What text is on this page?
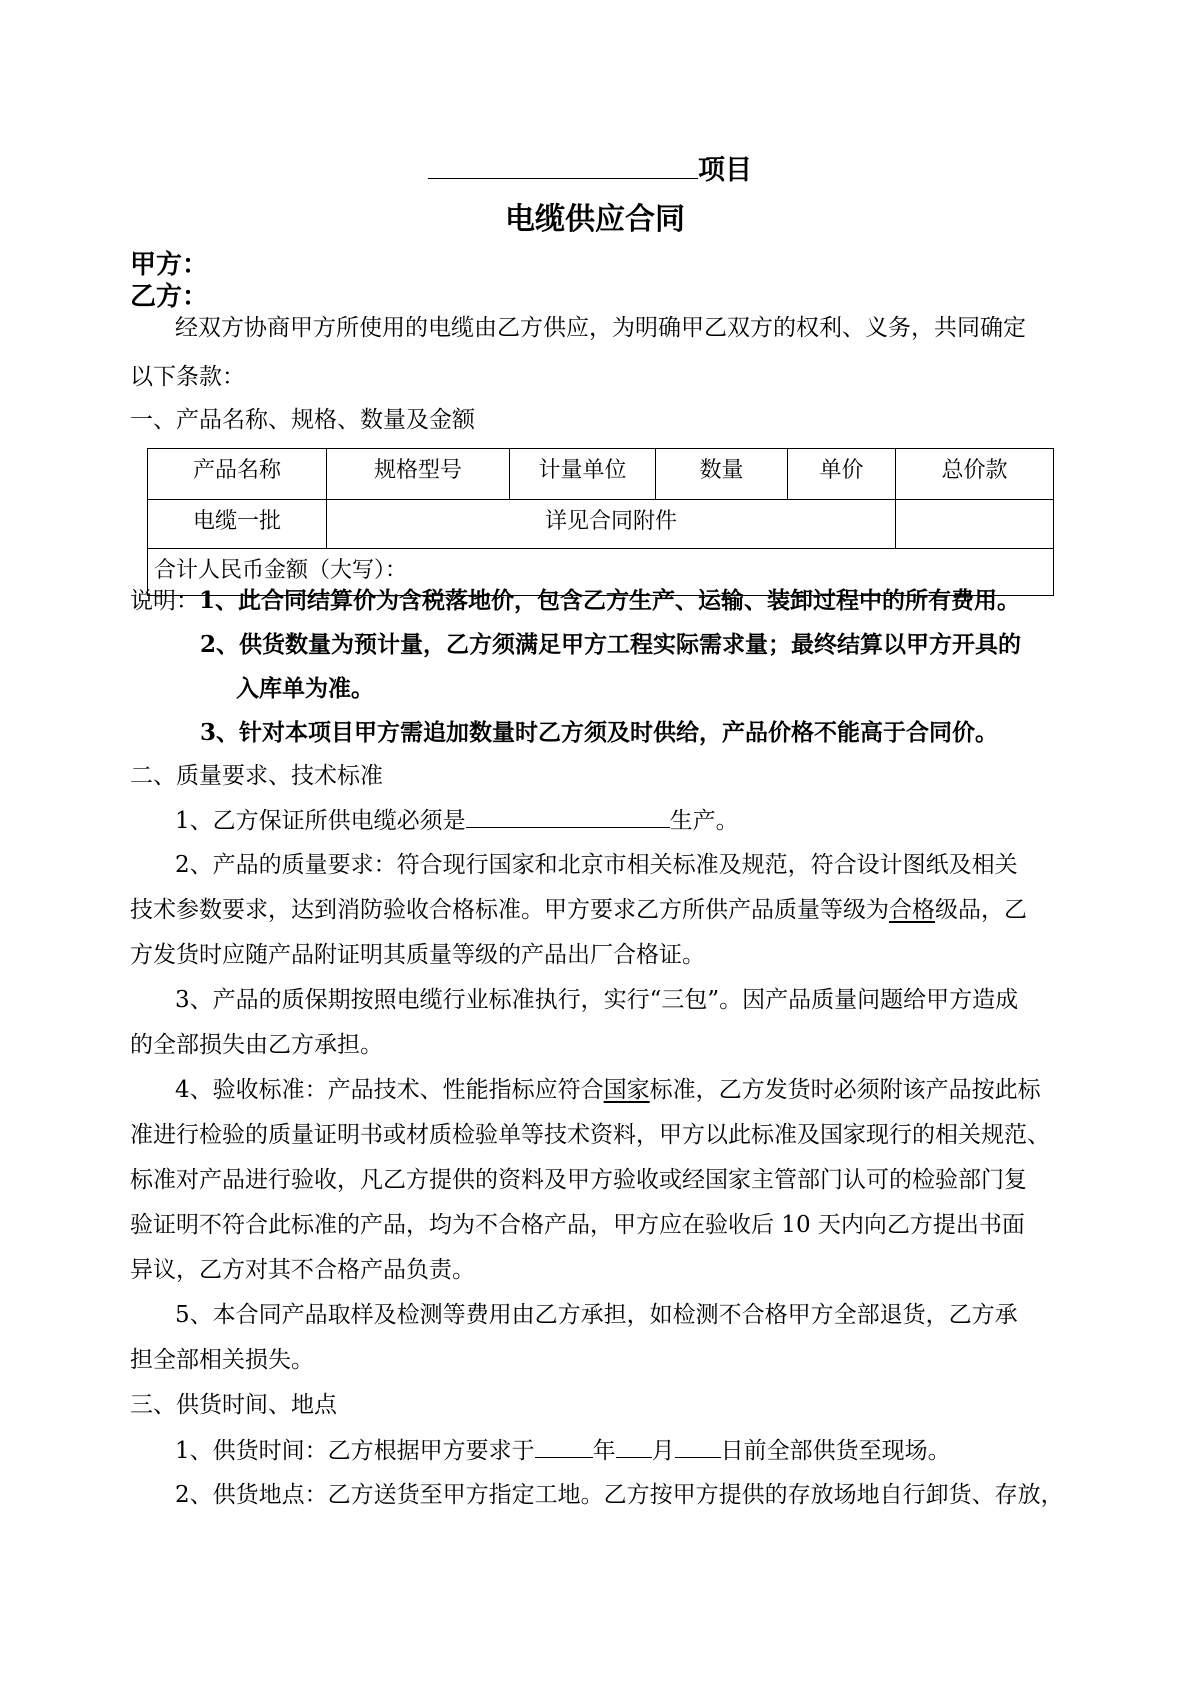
项目
电缆供应合同
甲方：
乙方：
经双方协商甲方所使用的电缆由乙方供应，为明确甲乙双方的权利、义务，共同确定
以下条款：
一、产品名称、规格、数量及金额
产品名称	规格型号	计量单位	数量	单价	总价款
电缆一批	详见合同附件				
合计人民币金额（大写）：					
说明：1、此合同结算价为含税落地价，包含乙方生产、运输、装卸过程中的所有费用。
2、供货数量为预计量，乙方须满足甲方工程实际需求量；最终结算以甲方开具的
入库单为准。
3、针对本项目甲方需追加数量时乙方须及时供给，产品价格不能高于合同价。
二、质量要求、技术标准
1、乙方保证所供电缆必须是	生产。
2、产品的质量要求：符合现行国家和北京市相关标准及规范，符合设计图纸及相关
技术参数要求，达到消防验收合格标准。甲方要求乙方所供产品质量等级为合格级品，乙
方发货时应随产品附证明其质量等级的产品出厂合格证。
3、产品的质保期按照电缆行业标准执行，实行“三包”。因产品质量问题给甲方造成
的全部损失由乙方承担。
4、验收标准：产品技术、性能指标应符合国家标准，乙方发货时必须附该产品按此标
准进行检验的质量证明书或材质检验单等技术资料，甲方以此标准及国家现行的相关规范、
标准对产品进行验收，凡乙方提供的资料及甲方验收或经国家主管部门认可的检验部门复
验证明不符合此标准的产品，均为不合格产品，甲方应在验收后 10 天内向乙方提出书面
异议，乙方对其不合格产品负责。
5、本合同产品取样及检测等费用由乙方承担，如检测不合格甲方全部退货，乙方承
担全部相关损失。
三、供货时间、地点
1、供货时间：乙方根据甲方要求于	年 月 日前全部供货至现场。
2、供货地点：乙方送货至甲方指定工地。乙方按甲方提供的存放场地自行卸货、存放，
